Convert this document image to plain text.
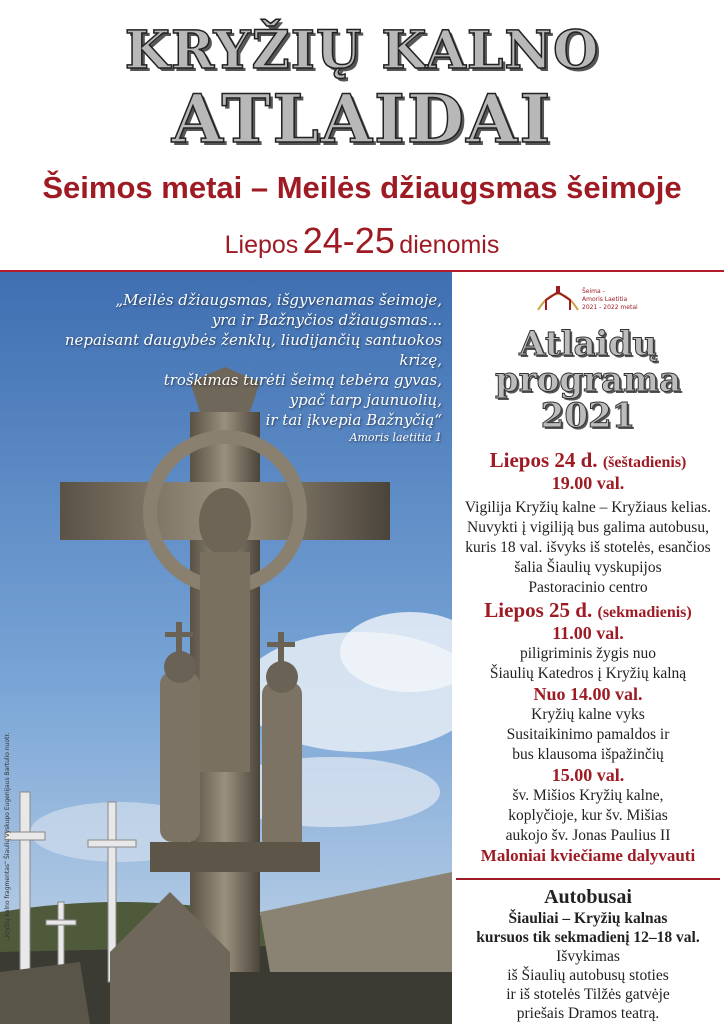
KRYŽIŲ KALNO
ATLAIDAI
Šeimos metai – Meilės džiaugsmas šeimoje
Liepos 24-25 dienomis
„Meilės džiaugsmas, išgyvenamas šeimoje,
yra ir Bažnyčios džiaugsmas...
nepaisant daugybės ženklų, liudijančių santuokos krizę,
troškimas turėti šeimą tebėra gyvas,
ypač tarp jaunuolių,
ir tai įkvepia Bažnyčią“
Amoris laetitia 1
„Kryžių kalno fragmentas“ Šiaulių vyskupo Eugenijaus Bartulio nuotr.
Šeima -
Amoris Laetitia
2021 - 2022 metai
Atlaidų
programa
2021
Liepos 24 d. (šeštadienis)
19.00 val.
Vigilija Kryžių kalne – Kryžiaus kelias.
Nuvykti į vigiliją bus galima autobusu,
kuris 18 val. išvyks iš stotelės, esančios
šalia Šiaulių vyskupijos
Pastoracinio centro
Liepos 25 d. (sekmadienis)
11.00 val.
piligriminis žygis nuo
Šiaulių Katedros į Kryžių kalną
Nuo 14.00 val.
Kryžių kalne vyks
Susitaikinimo pamaldos ir
bus klausoma išpažinčių
15.00 val.
šv. Mišios Kryžių kalne,
koplyčioje, kur šv. Mišias
aukojo šv. Jonas Paulius II
Maloniai kviečiame dalyvauti
Autobusai
Šiauliai – Kryžių kalnas
kursuos tik sekmadienį 12–18 val.
Išvykimas
iš Šiaulių autobusų stoties
ir iš stotelės Tilžės gatvėje
priešais Dramos teatrą.
